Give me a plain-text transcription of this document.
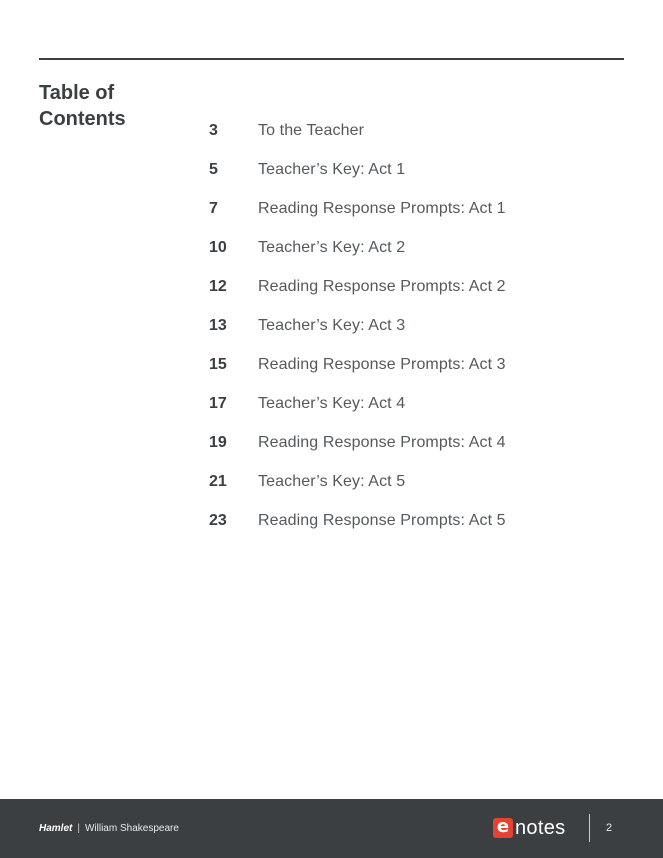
Table of
Contents
3	To the Teacher
5	Teacher’s Key: Act 1
7	Reading Response Prompts: Act 1
10	Teacher’s Key: Act 2
12	Reading Response Prompts: Act 2
13	Teacher’s Key: Act 3
15	Reading Response Prompts: Act 3
17	Teacher’s Key: Act 4
19	Reading Response Prompts: Act 4
21	Teacher’s Key: Act 5
23	Reading Response Prompts: Act 5
Hamlet | William Shakespeare	e notes	2
